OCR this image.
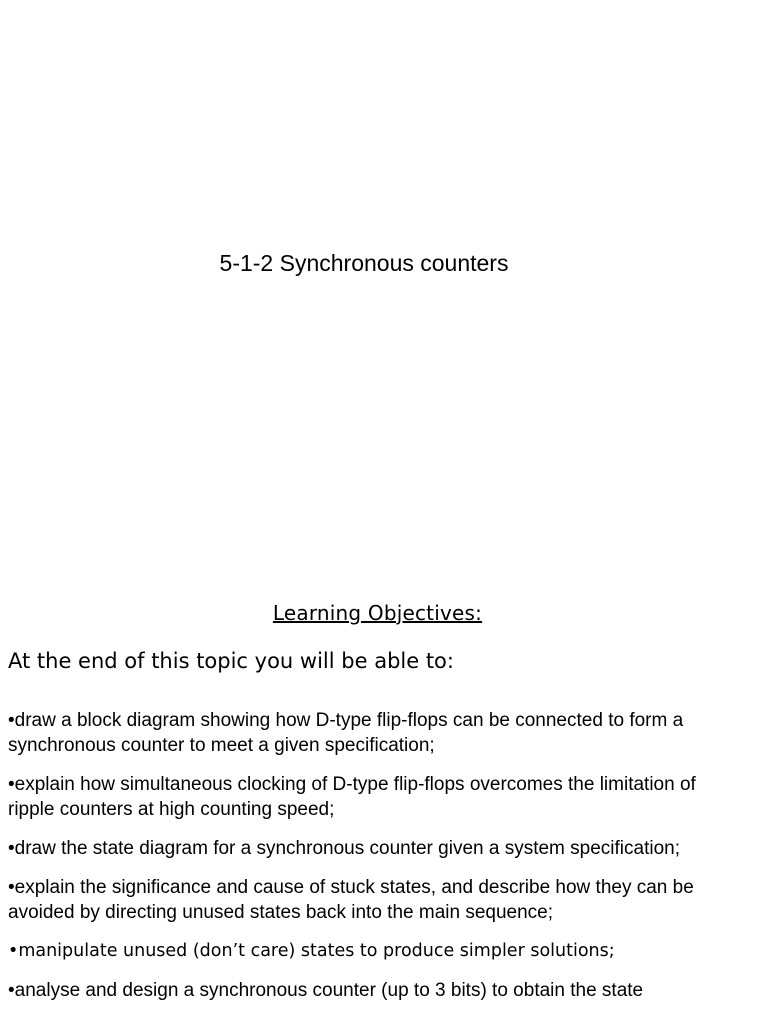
5-1-2 Synchronous counters
Learning Objectives:
At the end of this topic you will be able to:
•draw a block diagram showing how D-type flip-flops can be connected to form a synchronous counter to meet a given specification;
•explain how simultaneous clocking of D-type flip-flops overcomes the limitation of ripple counters at high counting speed;
•draw the state diagram for a synchronous counter given a system specification;
•explain the significance and cause of stuck states, and describe how they can be avoided by directing unused states back into the main sequence;
•manipulate unused (don’t care) states to produce simpler solutions;
•analyse and design a synchronous counter (up to 3 bits) to obtain the state
